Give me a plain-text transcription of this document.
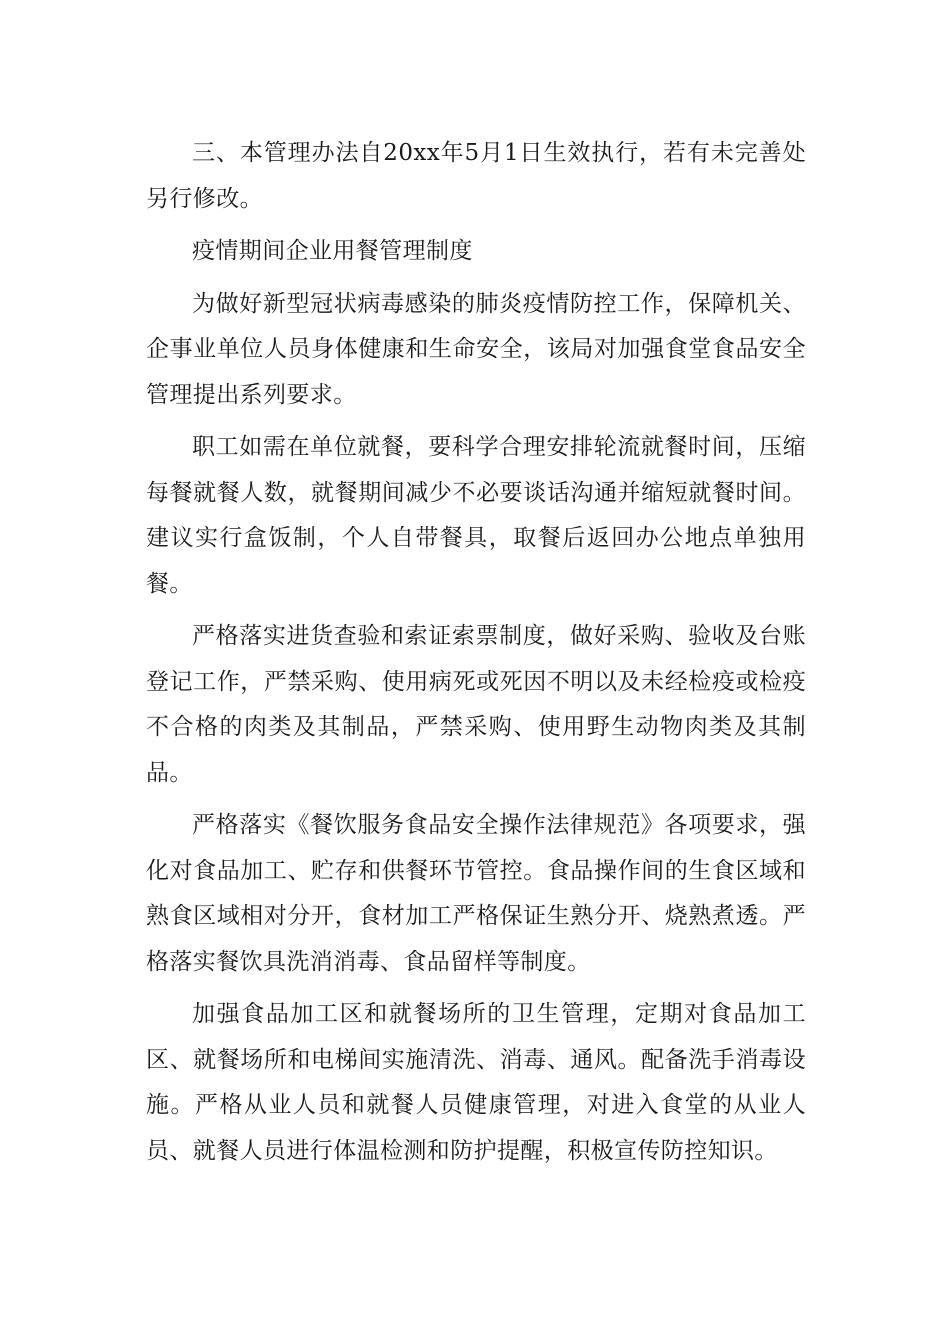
三、本管理办法自20xx年5月1日生效执行，若有未完善处另行修改。

疫情期间企业用餐管理制度

为做好新型冠状病毒感染的肺炎疫情防控工作，保障机关、企事业单位人员身体健康和生命安全，该局对加强食堂食品安全管理提出系列要求。

职工如需在单位就餐，要科学合理安排轮流就餐时间，压缩每餐就餐人数，就餐期间减少不必要谈话沟通并缩短就餐时间。建议实行盒饭制，个人自带餐具，取餐后返回办公地点单独用餐。

严格落实进货查验和索证索票制度，做好采购、验收及台账登记工作，严禁采购、使用病死或死因不明以及未经检疫或检疫不合格的肉类及其制品，严禁采购、使用野生动物肉类及其制品。

严格落实《餐饮服务食品安全操作法律规范》各项要求，强化对食品加工、贮存和供餐环节管控。食品操作间的生食区域和熟食区域相对分开，食材加工严格保证生熟分开、烧熟煮透。严格落实餐饮具洗消消毒、食品留样等制度。

加强食品加工区和就餐场所的卫生管理，定期对食品加工区、就餐场所和电梯间实施清洗、消毒、通风。配备洗手消毒设施。严格从业人员和就餐人员健康管理，对进入食堂的从业人员、就餐人员进行体温检测和防护提醒，积极宣传防控知识。
